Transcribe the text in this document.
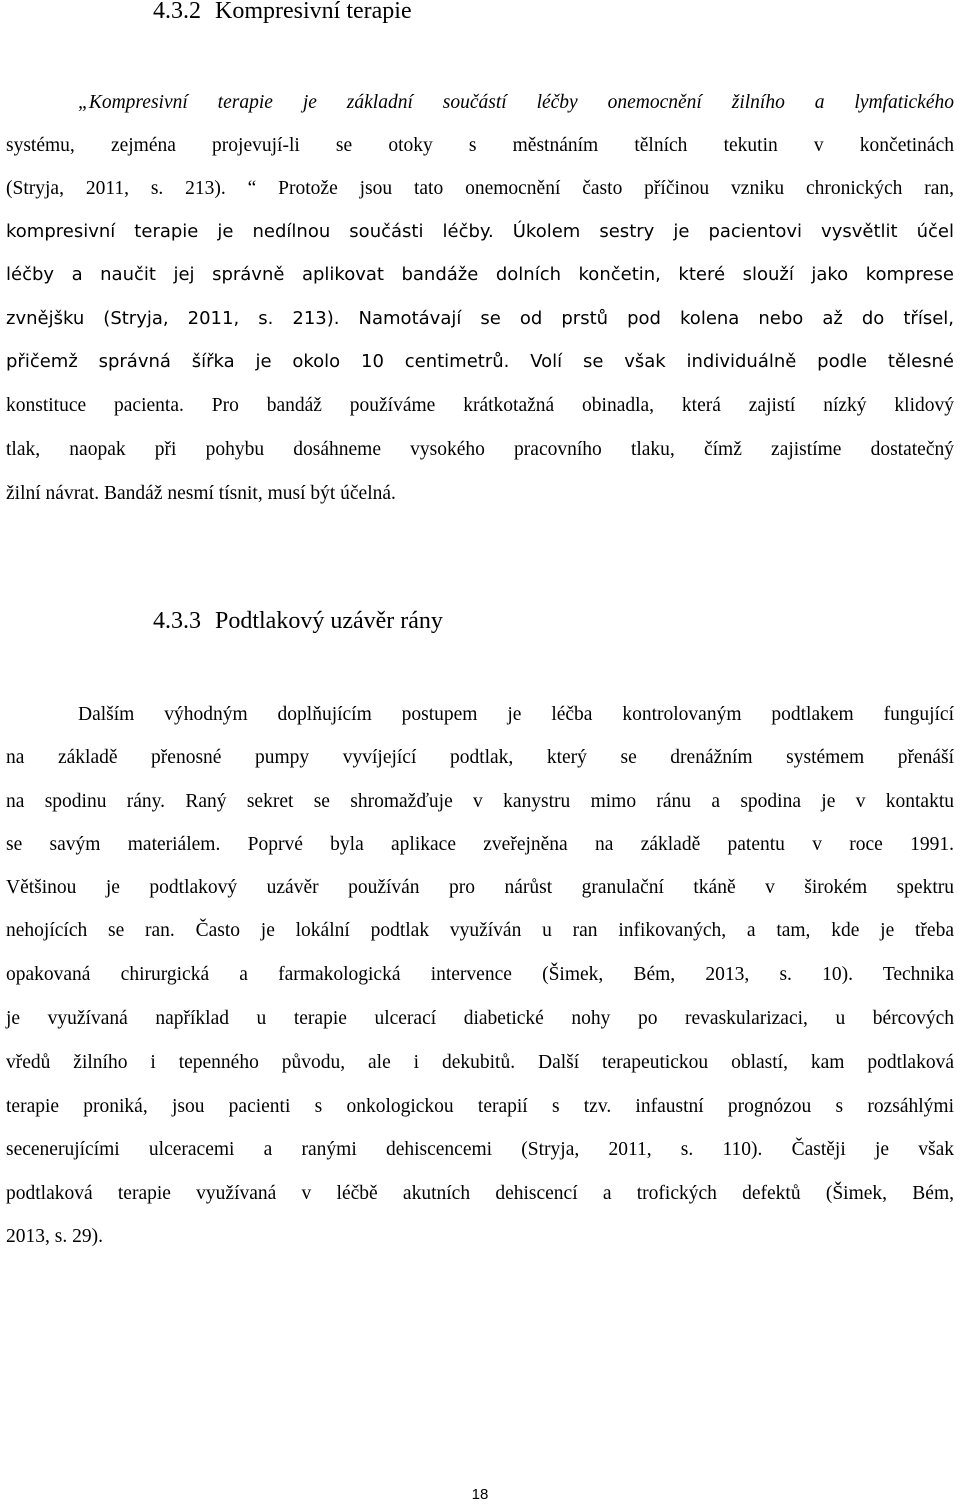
4.3.2 Kompresivní terapie
„Kompresivní terapie je základní součástí léčby onemocnění žilního a lymfatického
systému, zejména projevují-li se otoky s městnáním tělních tekutin v končetinách
(Stryja, 2011, s. 213). “ Protože jsou tato onemocnění často příčinou vzniku chronických ran,
kompresivní terapie je nedílnou součásti léčby. Úkolem sestry je pacientovi vysvětlit účel
léčby a naučit jej správně aplikovat bandáže dolních končetin, které slouží jako komprese
zvnějšku (Stryja, 2011, s. 213). Namotávají se od prstů pod kolena nebo až do třísel,
přičemž správná šířka je okolo 10 centimetrů. Volí se však individuálně podle tělesné
konstituce pacienta. Pro bandáž používáme krátkotažná obinadla, která zajistí nízký klidový
tlak, naopak při pohybu dosáhneme vysokého pracovního tlaku, čímž zajistíme dostatečný
žilní návrat. Bandáž nesmí tísnit, musí být účelná.
4.3.3 Podtlakový uzávěr rány
Dalším výhodným doplňujícím postupem je léčba kontrolovaným podtlakem fungující
na základě přenosné pumpy vyvíjející podtlak, který se drenážním systémem přenáší
na spodinu rány. Raný sekret se shromažďuje v kanystru mimo ránu a spodina je v kontaktu
se savým materiálem. Poprvé byla aplikace zveřejněna na základě patentu v roce 1991.
Většinou je podtlakový uzávěr používán pro nárůst granulační tkáně v širokém spektru
nehojících se ran. Často je lokální podtlak využíván u ran infikovaných, a tam, kde je třeba
opakovaná chirurgická a farmakologická intervence (Šimek, Bém, 2013, s. 10). Technika
je využívaná například u terapie ulcerací diabetické nohy po revaskularizaci, u bércových
vředů žilního i tepenného původu, ale i dekubitů. Další terapeutickou oblastí, kam podtlaková
terapie proniká, jsou pacienti s onkologickou terapií s tzv. infaustní prognózou s rozsáhlými
secenerujícími ulceracemi a ranými dehiscencemi (Stryja, 2011, s. 110). Častěji je však
podtlaková terapie využívaná v léčbě akutních dehiscencí a trofických defektů (Šimek, Bém,
2013, s. 29).
18
